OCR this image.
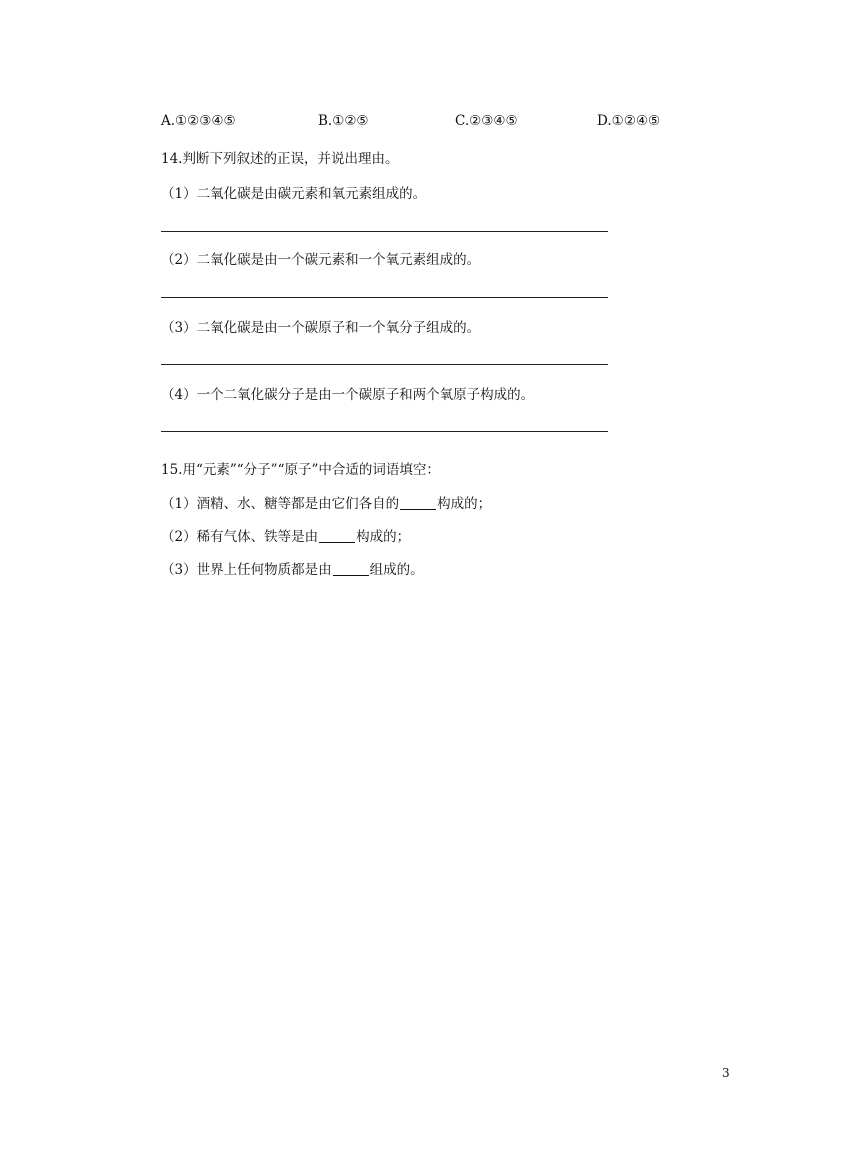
A.①②③④⑤	B.①②⑤	C.②③④⑤	D.①②④⑤
14.判断下列叙述的正误，并说出理由。
（1）二氧化碳是由碳元素和氧元素组成的。
（2）二氧化碳是由一个碳元素和一个氧元素组成的。
（3）二氧化碳是由一个碳原子和一个氧分子组成的。
（4）一个二氧化碳分子是由一个碳原子和两个氧原子构成的。
15.用“元素”“分子”“原子”中合适的词语填空：
（1）酒精、水、糖等都是由它们各自的	构成的；
（2）稀有气体、铁等是由	构成的；
（3）世界上任何物质都是由	组成的。
3
